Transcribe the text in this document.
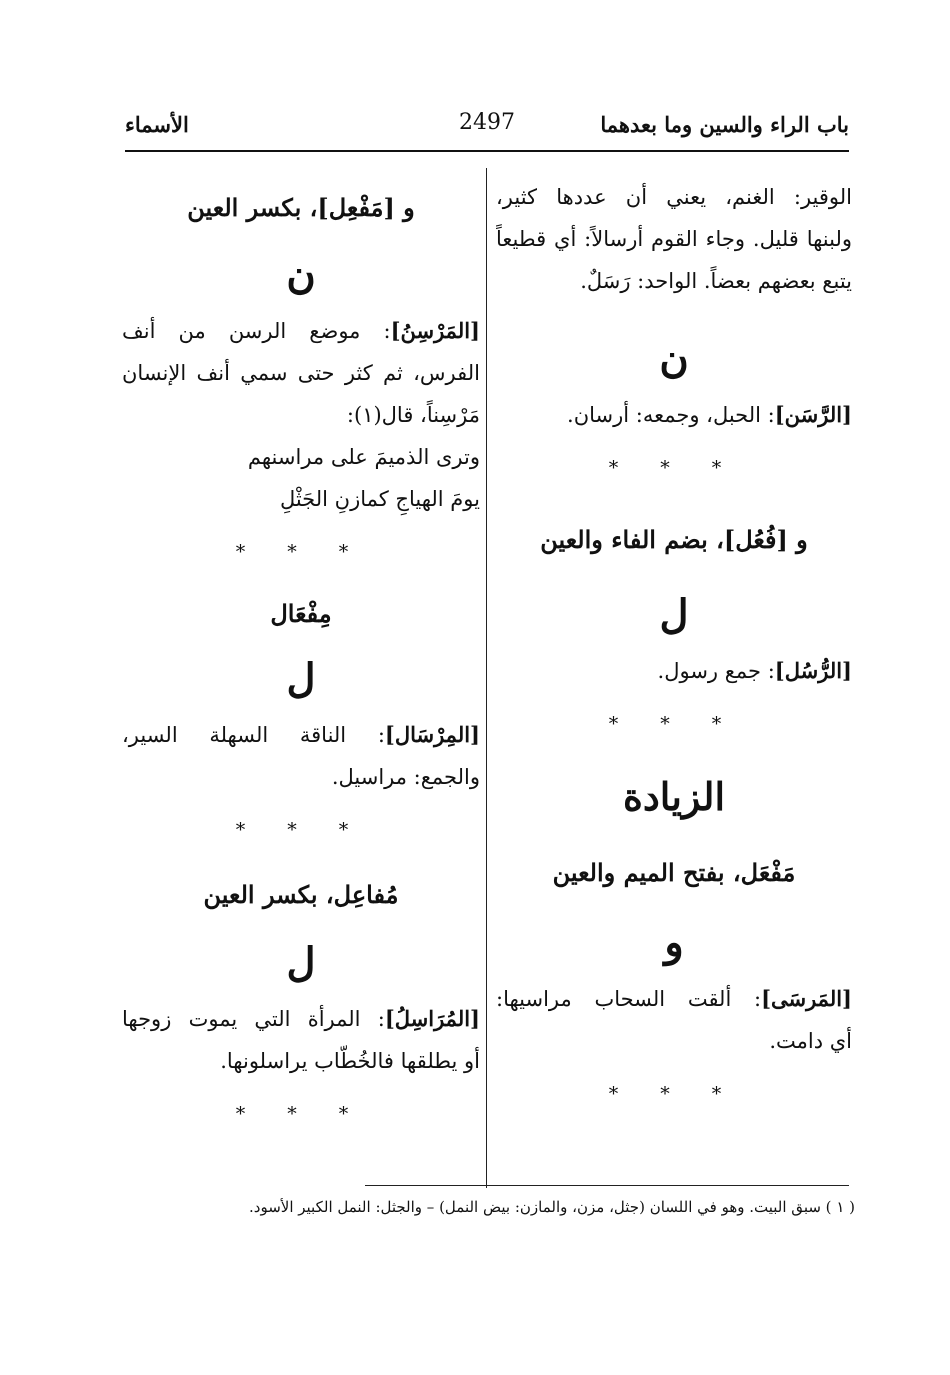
باب الراء والسين وما بعدهما
2497
الأسماء
الوقير: الغنم، يعني أن عددها كثير،
ولبنها قليل. وجاء القوم أرسالاً: أي قطيعاً
يتبع بعضهم بعضاً. الواحد: رَسَلٌ.
ن
[الرَّسَن]: الحبل، وجمعه: أرسان.
* * *
و [فُعُل]، بضم الفاء والعين
ل
[الرُّسُل]: جمع رسول.
* * *
الزيادة
مَفْعَل، بفتح الميم والعين
و
[المَرسَى]: ألقت السحاب مراسيها:
أي دامت.
* * *
و [مَفْعِل]، بكسر العين
ن
[المَرْسِنُ]: موضع الرسن من أنف
الفرس، ثم كثر حتى سمي أنف الإنسان
مَرْسِناً، قال(١):
وترى الذميمَ على مراسنهم
يومَ الهياجِ كمازنِ الجَثْلِ
* * *
مِفْعَال
ل
[المِرْسَال]: الناقة السهلة السير،
والجمع: مراسيل.
* * *
مُفاعِل، بكسر العين
ل
[المُرَاسِلُ]: المرأة التي يموت زوجها
أو يطلقها فالخُطّاب يراسلونها.
* * *
( ١ ) سبق البيت. وهو في اللسان (جثل، مزن، والمازن: بيض النمل) – والجثل: النمل الكبير الأسود.
